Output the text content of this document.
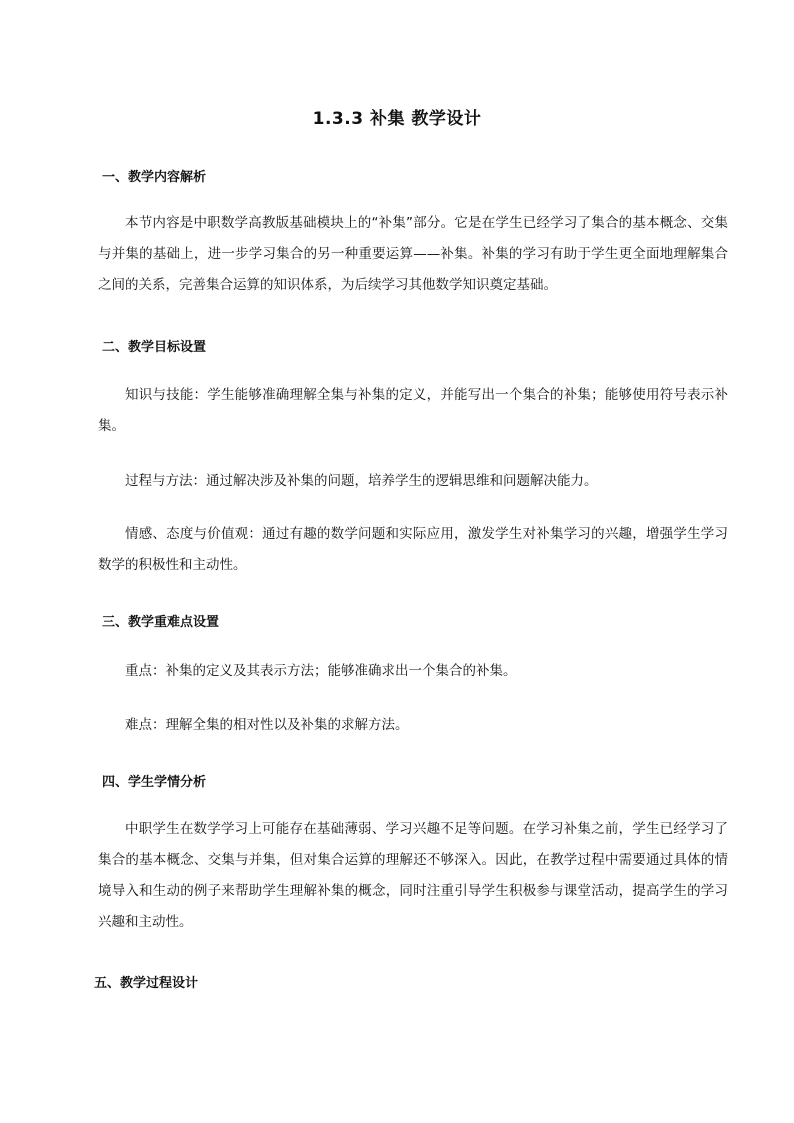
1.3.3 补集 教学设计
一、教学内容解析

本节内容是中职数学高教版基础模块上的“补集”部分。它是在学生已经学习了集合的基本概念、交集与并集的基础上，进一步学习集合的另一种重要运算——补集。补集的学习有助于学生更全面地理解集合之间的关系，完善集合运算的知识体系，为后续学习其他数学知识奠定基础。

二、教学目标设置

知识与技能：学生能够准确理解全集与补集的定义，并能写出一个集合的补集；能够使用符号表示补集。

过程与方法：通过解决涉及补集的问题，培养学生的逻辑思维和问题解决能力。

情感、态度与价值观：通过有趣的数学问题和实际应用，激发学生对补集学习的兴趣，增强学生学习数学的积极性和主动性。

三、教学重难点设置

重点：补集的定义及其表示方法；能够准确求出一个集合的补集。

难点：理解全集的相对性以及补集的求解方法。

四、学生学情分析

中职学生在数学学习上可能存在基础薄弱、学习兴趣不足等问题。在学习补集之前，学生已经学习了集合的基本概念、交集与并集，但对集合运算的理解还不够深入。因此，在教学过程中需要通过具体的情境导入和生动的例子来帮助学生理解补集的概念，同时注重引导学生积极参与课堂活动，提高学生的学习兴趣和主动性。

五、教学过程设计
